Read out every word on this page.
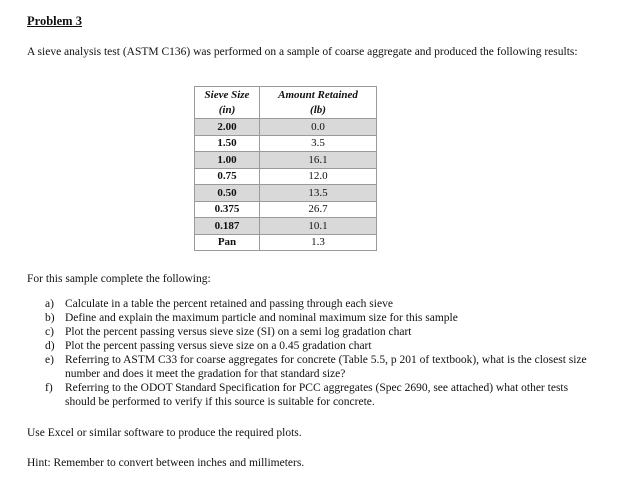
Problem 3
A sieve analysis test (ASTM C136) was performed on a sample of coarse aggregate and produced the following results:
Sieve Size	Amount Retained
(in)	(lb)
2.00	0.0
1.50	3.5
1.00	16.1
0.75	12.0
0.50	13.5
0.375	26.7
0.187	10.1
Pan	1.3
For this sample complete the following:
a) Calculate in a table the percent retained and passing through each sieve
b) Define and explain the maximum particle and nominal maximum size for this sample
c) Plot the percent passing versus sieve size (SI) on a semi log gradation chart
d) Plot the percent passing versus sieve size on a 0.45 gradation chart
e) Referring to ASTM C33 for coarse aggregates for concrete (Table 5.5, p 201 of textbook), what is the closest size number and does it meet the gradation for that standard size?
f) Referring to the ODOT Standard Specification for PCC aggregates (Spec 2690, see attached) what other tests should be performed to verify if this source is suitable for concrete.
Use Excel or similar software to produce the required plots.
Hint: Remember to convert between inches and millimeters.
